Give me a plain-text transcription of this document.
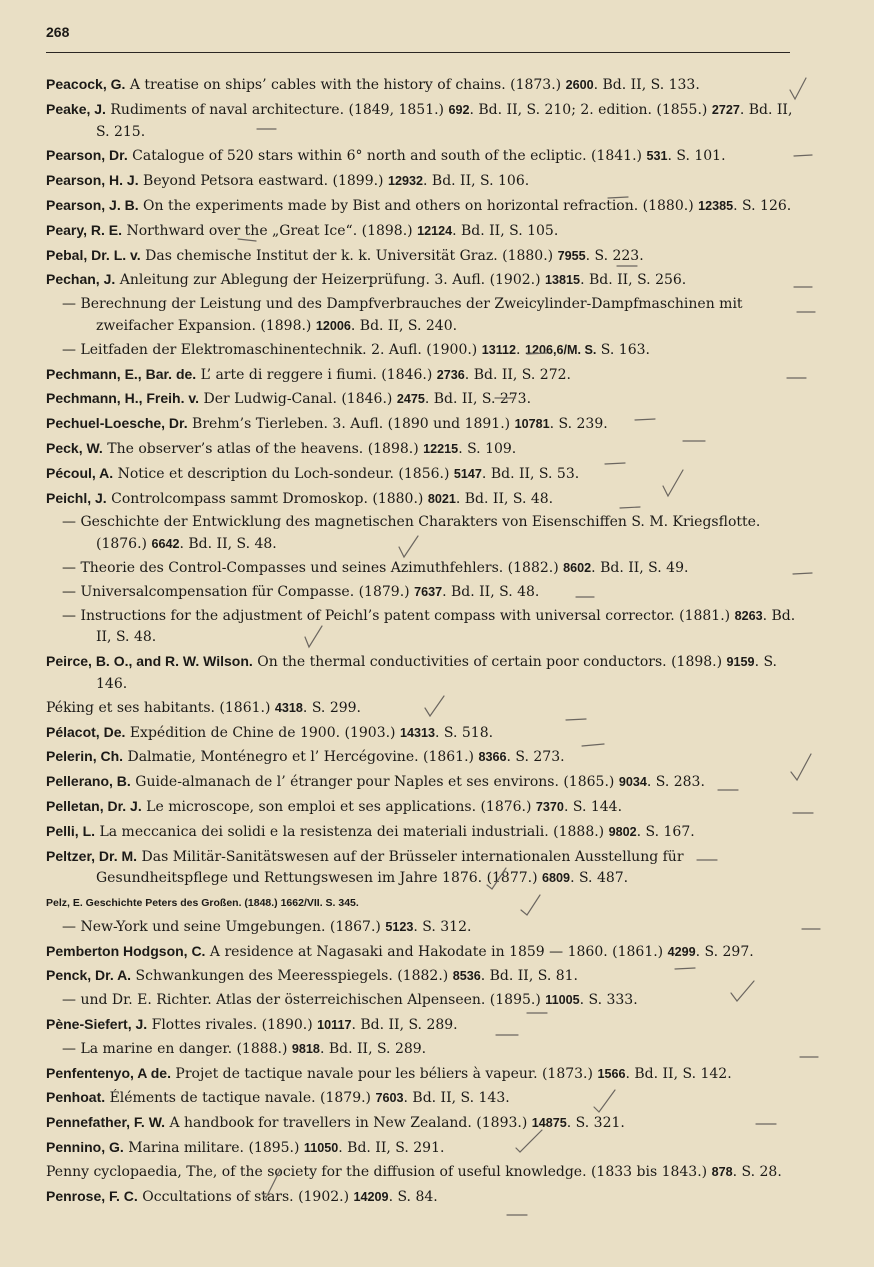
268
Peacock, G. A treatise on ships’ cables with the history of chains. (1873.) 2600. Bd. II, S. 133.
Peake, J. Rudiments of naval architecture. (1849, 1851.) 692. Bd. II, S. 210; 2. edition. (1855.) 2727. Bd. II, S. 215.
Pearson, Dr. Catalogue of 520 stars within 6° north and south of the ecliptic. (1841.) 531. S. 101.
Pearson, H. J. Beyond Petsora eastward. (1899.) 12932. Bd. II, S. 106.
Pearson, J. B. On the experiments made by Bist and others on horizontal refraction. (1880.) 12385. S. 126.
Peary, R. E. Northward over the „Great Ice“. (1898.) 12124. Bd. II, S. 105.
Pebal, Dr. L. v. Das chemische Institut der k. k. Universität Graz. (1880.) 7955. S. 223.
Pechan, J. Anleitung zur Ablegung der Heizerprüfung. 3. Aufl. (1902.) 13815. Bd. II, S. 256.
— Berechnung der Leistung und des Dampfverbrauches der Zweicylinder-Dampfmaschinen mit zweifacher Expansion. (1898.) 12006. Bd. II, S. 240.
— Leitfaden der Elektromaschinentechnik. 2. Aufl. (1900.) 13112. 1206,6/M. S. S. 163.
Pechmann, E., Bar. de. L’ arte di reggere i fiumi. (1846.) 2736. Bd. II, S. 272.
Pechmann, H., Freih. v. Der Ludwig-Canal. (1846.) 2475. Bd. II, S. 273.
Pechuel-Loesche, Dr. Brehm’s Tierleben. 3. Aufl. (1890 und 1891.) 10781. S. 239.
Peck, W. The observer’s atlas of the heavens. (1898.) 12215. S. 109.
Pécoul, A. Notice et description du Loch-sondeur. (1856.) 5147. Bd. II, S. 53.
Peichl, J. Controlcompass sammt Dromoskop. (1880.) 8021. Bd. II, S. 48.
— Geschichte der Entwicklung des magnetischen Charakters von Eisenschiffen S. M. Kriegsflotte. (1876.) 6642. Bd. II, S. 48.
— Theorie des Control-Compasses und seines Azimuthfehlers. (1882.) 8602. Bd. II, S. 49.
— Universalcompensation für Compasse. (1879.) 7637. Bd. II, S. 48.
— Instructions for the adjustment of Peichl’s patent compass with universal corrector. (1881.) 8263. Bd. II, S. 48.
Peirce, B. O., and R. W. Wilson. On the thermal conductivities of certain poor conductors. (1898.) 9159. S. 146.
Péking et ses habitants. (1861.) 4318. S. 299.
Pélacot, De. Expédition de Chine de 1900. (1903.) 14313. S. 518.
Pelerin, Ch. Dalmatie, Monténegro et l’ Hercégovine. (1861.) 8366. S. 273.
Pellerano, B. Guide-almanach de l’ étranger pour Naples et ses environs. (1865.) 9034. S. 283.
Pelletan, Dr. J. Le microscope, son emploi et ses applications. (1876.) 7370. S. 144.
Pelli, L. La meccanica dei solidi e la resistenza dei materiali industriali. (1888.) 9802. S. 167.
Peltzer, Dr. M. Das Militär-Sanitätswesen auf der Brüsseler internationalen Ausstellung für Gesundheitspflege und Rettungswesen im Jahre 1876. (1877.) 6809. S. 487.
Pelz, E. Geschichte Peters des Großen. (1848.) 1662/VII. S. 345.
— New-York und seine Umgebungen. (1867.) 5123. S. 312.
Pemberton Hodgson, C. A residence at Nagasaki and Hakodate in 1859 — 1860. (1861.) 4299. S. 297.
Penck, Dr. A. Schwankungen des Meeresspiegels. (1882.) 8536. Bd. II, S. 81.
— und Dr. E. Richter. Atlas der österreichischen Alpenseen. (1895.) 11005. S. 333.
Pène-Siefert, J. Flottes rivales. (1890.) 10117. Bd. II, S. 289.
— La marine en danger. (1888.) 9818. Bd. II, S. 289.
Penfentenyo, A de. Projet de tactique navale pour les béliers à vapeur. (1873.) 1566. Bd. II, S. 142.
Penhoat. Éléments de tactique navale. (1879.) 7603. Bd. II, S. 143.
Pennefather, F. W. A handbook for travellers in New Zealand. (1893.) 14875. S. 321.
Pennino, G. Marina militare. (1895.) 11050. Bd. II, S. 291.
Penny cyclopaedia, The, of the society for the diffusion of useful knowledge. (1833 bis 1843.) 878. S. 28.
Penrose, F. C. Occultations of stars. (1902.) 14209. S. 84.
